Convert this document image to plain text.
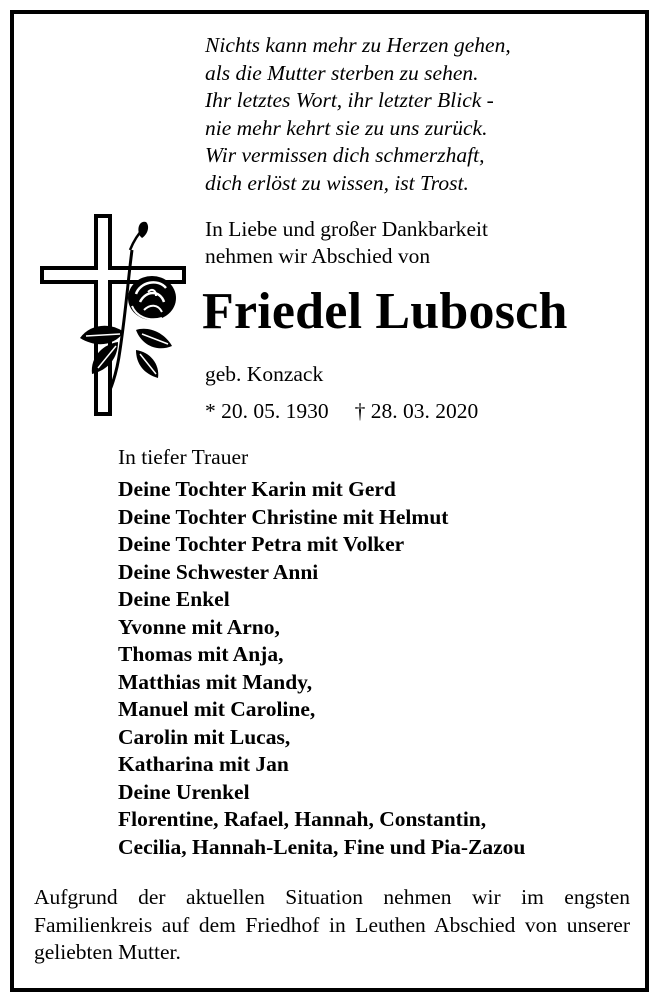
Nichts kann mehr zu Herzen gehen,
als die Mutter sterben zu sehen.
Ihr letztes Wort, ihr letzter Blick -
nie mehr kehrt sie zu uns zurück.
Wir vermissen dich schmerzhaft,
dich erlöst zu wissen, ist Trost.
In Liebe und großer Dankbarkeit
nehmen wir Abschied von
Friedel Lubosch
geb. Konzack
* 20. 05. 1930 † 28. 03. 2020
In tiefer Trauer
Deine Tochter Karin mit Gerd
Deine Tochter Christine mit Helmut
Deine Tochter Petra mit Volker
Deine Schwester Anni
Deine Enkel
Yvonne mit Arno,
Thomas mit Anja,
Matthias mit Mandy,
Manuel mit Caroline,
Carolin mit Lucas,
Katharina mit Jan
Deine Urenkel
Florentine, Rafael, Hannah, Constantin,
Cecilia, Hannah-Lenita, Fine und Pia-Zazou
Aufgrund der aktuellen Situation nehmen wir im engsten Familienkreis auf dem Friedhof in Leuthen Abschied von unserer geliebten Mutter.
